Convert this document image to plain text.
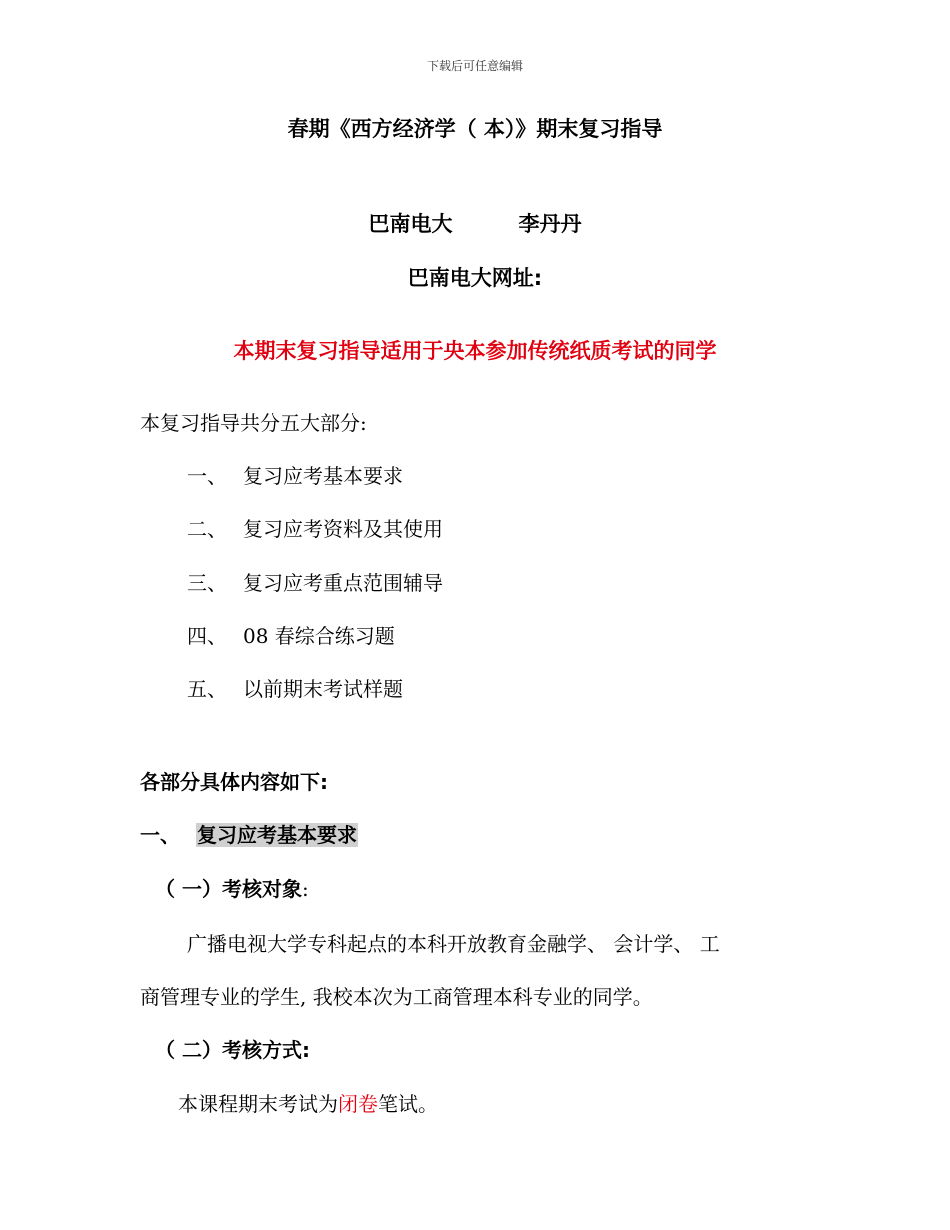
下载后可任意编辑
春期《西方经济学（ 本）》期末复习指导
巴南电大	李丹丹
巴南电大网址:
本期末复习指导适用于央本参加传统纸质考试的同学
本复习指导共分五大部分:
一、 复习应考基本要求
二、 复习应考资料及其使用
三、 复习应考重点范围辅导
四、 08 春综合练习题
五、 以前期末考试样题
各部分具体内容如下:
一、 复习应考基本要求
（ 一）考核对象:
广播电视大学专科起点的本科开放教育金融学、 会计学、 工
商管理专业的学生, 我校本次为工商管理本科专业的同学。
（ 二）考核方式:
本课程期末考试为闭卷笔试。
